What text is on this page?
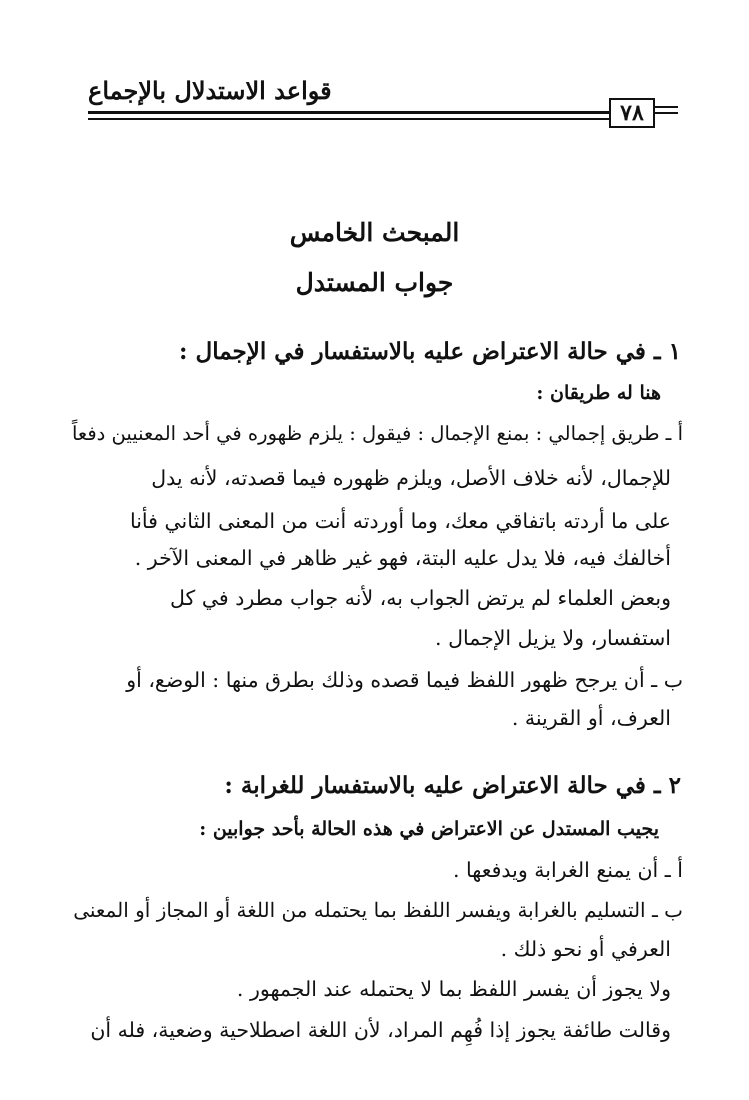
قواعد الاستدلال بالإجماع
٧٨
المبحث الخامس
جواب المستدل
١ ـ في حالة الاعتراض عليه بالاستفسار في الإجمال :
هنا له طريقان :
أ ـ طريق إجمالي : بمنع الإجمال : فيقول : يلزم ظهوره في أحد المعنيين دفعاً
للإجمال، لأنه خلاف الأصل، ويلزم ظهوره فيما قصدته، لأنه يدل
على ما أردته باتفاقي معك، وما أوردته أنت من المعنى الثاني فأنا
أخالفك فيه، فلا يدل عليه البتة، فهو غير ظاهر في المعنى الآخر .
وبعض العلماء لم يرتض الجواب به، لأنه جواب مطرد في كل
استفسار، ولا يزيل الإجمال .
ب ـ أن يرجح ظهور اللفظ فيما قصده وذلك بطرق منها : الوضع، أو
العرف، أو القرينة .
٢ ـ في حالة الاعتراض عليه بالاستفسار للغرابة :
يجيب المستدل عن الاعتراض في هذه الحالة بأحد جوابين :
أ ـ أن يمنع الغرابة ويدفعها .
ب ـ التسليم بالغرابة ويفسر اللفظ بما يحتمله من اللغة أو المجاز أو المعنى
العرفي أو نحو ذلك .
ولا يجوز أن يفسر اللفظ بما لا يحتمله عند الجمهور .
وقالت طائفة يجوز إذا فُهِم المراد، لأن اللغة اصطلاحية وضعية، فله أن
